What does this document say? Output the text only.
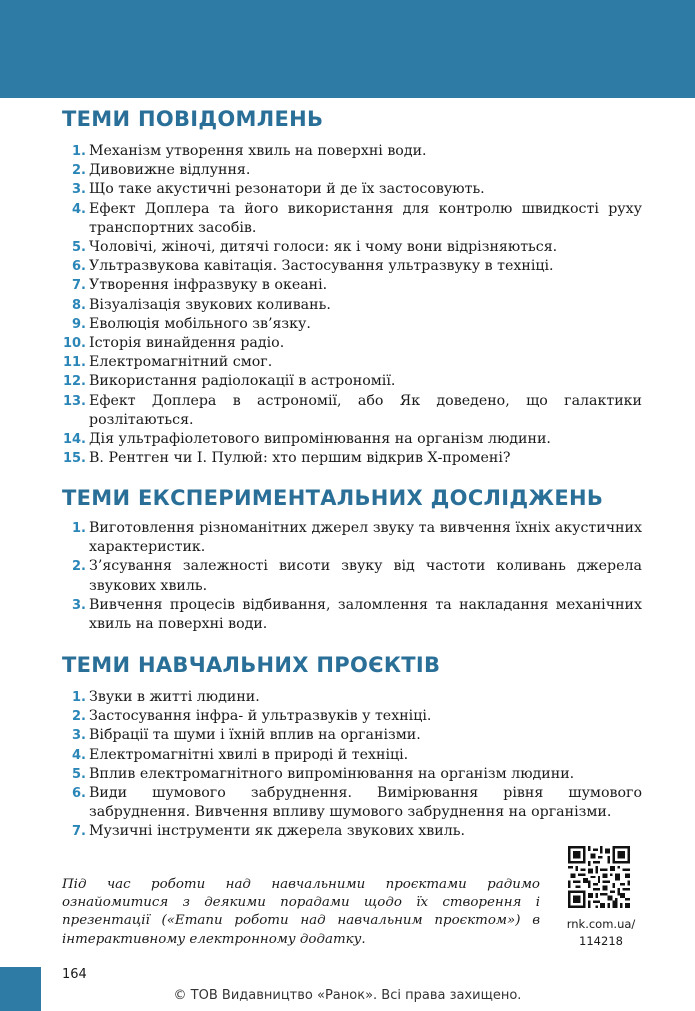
ТЕМИ ПОВІДОМЛЕНЬ
1. Механізм утворення хвиль на поверхні води.
2. Дивовижне відлуння.
3. Що таке акустичні резонатори й де їх застосовують.
4. Ефект Доплера та його використання для контролю швидкості руху транспортних засобів.
5. Чоловічі, жіночі, дитячі голоси: як і чому вони відрізняються.
6. Ультразвукова кавітація. Застосування ультразвуку в техніці.
7. Утворення інфразвуку в океані.
8. Візуалізація звукових коливань.
9. Еволюція мобільного зв’язку.
10. Історія винайдення радіо.
11. Електромагнітний смог.
12. Використання радіолокації в астрономії.
13. Ефект Доплера в астрономії, або Як доведено, що галактики розлітаються.
14. Дія ультрафіолетового випромінювання на організм людини.
15. В. Рентген чи І. Пулюй: хто першим відкрив Х-промені?
ТЕМИ ЕКСПЕРИМЕНТАЛЬНИХ ДОСЛІДЖЕНЬ
1. Виготовлення різноманітних джерел звуку та вивчення їхніх акустичних характеристик.
2. З’ясування залежності висоти звуку від частоти коливань джерела звукових хвиль.
3. Вивчення процесів відбивання, заломлення та накладання механічних хвиль на поверхні води.
ТЕМИ НАВЧАЛЬНИХ ПРОЄКТІВ
1. Звуки в житті людини.
2. Застосування інфра- й ультразвуків у техніці.
3. Вібрації та шуми і їхній вплив на організми.
4. Електромагнітні хвилі в природі й техніці.
5. Вплив електромагнітного випромінювання на організм людини.
6. Види шумового забруднення. Вимірювання рівня шумового забруднення. Вивчення впливу шумового забруднення на організми.
7. Музичні інструменти як джерела звукових хвиль.

Під час роботи над навчальними проєктами радимо ознайомитися з деякими порадами щодо їх створення і презентації («Етапи роботи над навчальним проєктом») в інтерактивному електронному додатку.

rnk.com.ua/
114218
164
© ТОВ Видавництво «Ранок». Всі права захищено.
